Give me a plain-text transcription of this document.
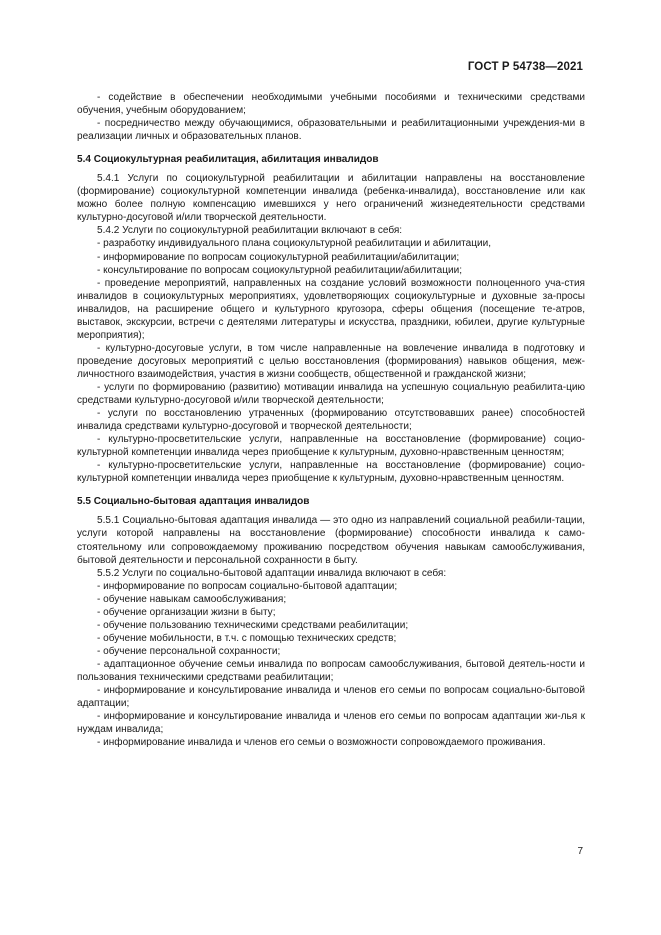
ГОСТ Р 54738—2021

- содействие в обеспечении необходимыми учебными пособиями и техническими средствами обучения, учебным оборудованием;

- посредничество между обучающимися, образовательными и реабилитационными учреждения-ми в реализации личных и образовательных планов.

5.4 Социокультурная реабилитация, абилитация инвалидов

5.4.1 Услуги по социокультурной реабилитации и абилитации направлены на восстановление (формирование) социокультурной компетенции инвалида (ребенка-инвалида), восстановление или как можно более полную компенсацию имевшихся у него ограничений жизнедеятельности средствами культурно-досуговой и/или творческой деятельности.

5.4.2 Услуги по социокультурной реабилитации включают в себя:

- разработку индивидуального плана социокультурной реабилитации и абилитации,

- информирование по вопросам социокультурной реабилитации/абилитации;

- консультирование по вопросам социокультурной реабилитации/абилитации;

- проведение мероприятий, направленных на создание условий возможности полноценного уча-стия инвалидов в социокультурных мероприятиях, удовлетворяющих социокультурные и духовные за-просы инвалидов, на расширение общего и культурного кругозора, сферы общения (посещение те-атров, выставок, экскурсии, встречи с деятелями литературы и искусства, праздники, юбилеи, другие культурные мероприятия);

- культурно-досуговые услуги, в том числе направленные на вовлечение инвалида в подготовку и проведение досуговых мероприятий с целью восстановления (формирования) навыков общения, меж-личностного взаимодействия, участия в жизни сообществ, общественной и гражданской жизни;

- услуги по формированию (развитию) мотивации инвалида на успешную социальную реабилита-цию средствами культурно-досуговой и/или творческой деятельности;

- услуги по восстановлению утраченных (формированию отсутствовавших ранее) способностей инвалида средствами культурно-досуговой и творческой деятельности;

- культурно-просветительские услуги, направленные на восстановление (формирование) социо-культурной компетенции инвалида через приобщение к культурным, духовно-нравственным ценностям;

- культурно-просветительские услуги, направленные на восстановление (формирование) социо-культурной компетенции инвалида через приобщение к культурным, духовно-нравственным ценностям.

5.5 Социально-бытовая адаптация инвалидов

5.5.1 Социально-бытовая адаптация инвалида — это одно из направлений социальной реабили-тации, услуги которой направлены на восстановление (формирование) способности инвалида к само-стоятельному или сопровождаемому проживанию посредством обучения навыкам самообслуживания, бытовой деятельности и персональной сохранности в быту.

5.5.2 Услуги по социально-бытовой адаптации инвалида включают в себя:

- информирование по вопросам социально-бытовой адаптации;

- обучение навыкам самообслуживания;

- обучение организации жизни в быту;

- обучение пользованию техническими средствами реабилитации;

- обучение мобильности, в т.ч. с помощью технических средств;

- обучение персональной сохранности;

- адаптационное обучение семьи инвалида по вопросам самообслуживания, бытовой деятель-ности и пользования техническими средствами реабилитации;

- информирование и консультирование инвалида и членов его семьи по вопросам социально-бытовой адаптации;

- информирование и консультирование инвалида и членов его семьи по вопросам адаптации жи-лья к нуждам инвалида;

- информирование инвалида и членов его семьи о возможности сопровождаемого проживания.

7
